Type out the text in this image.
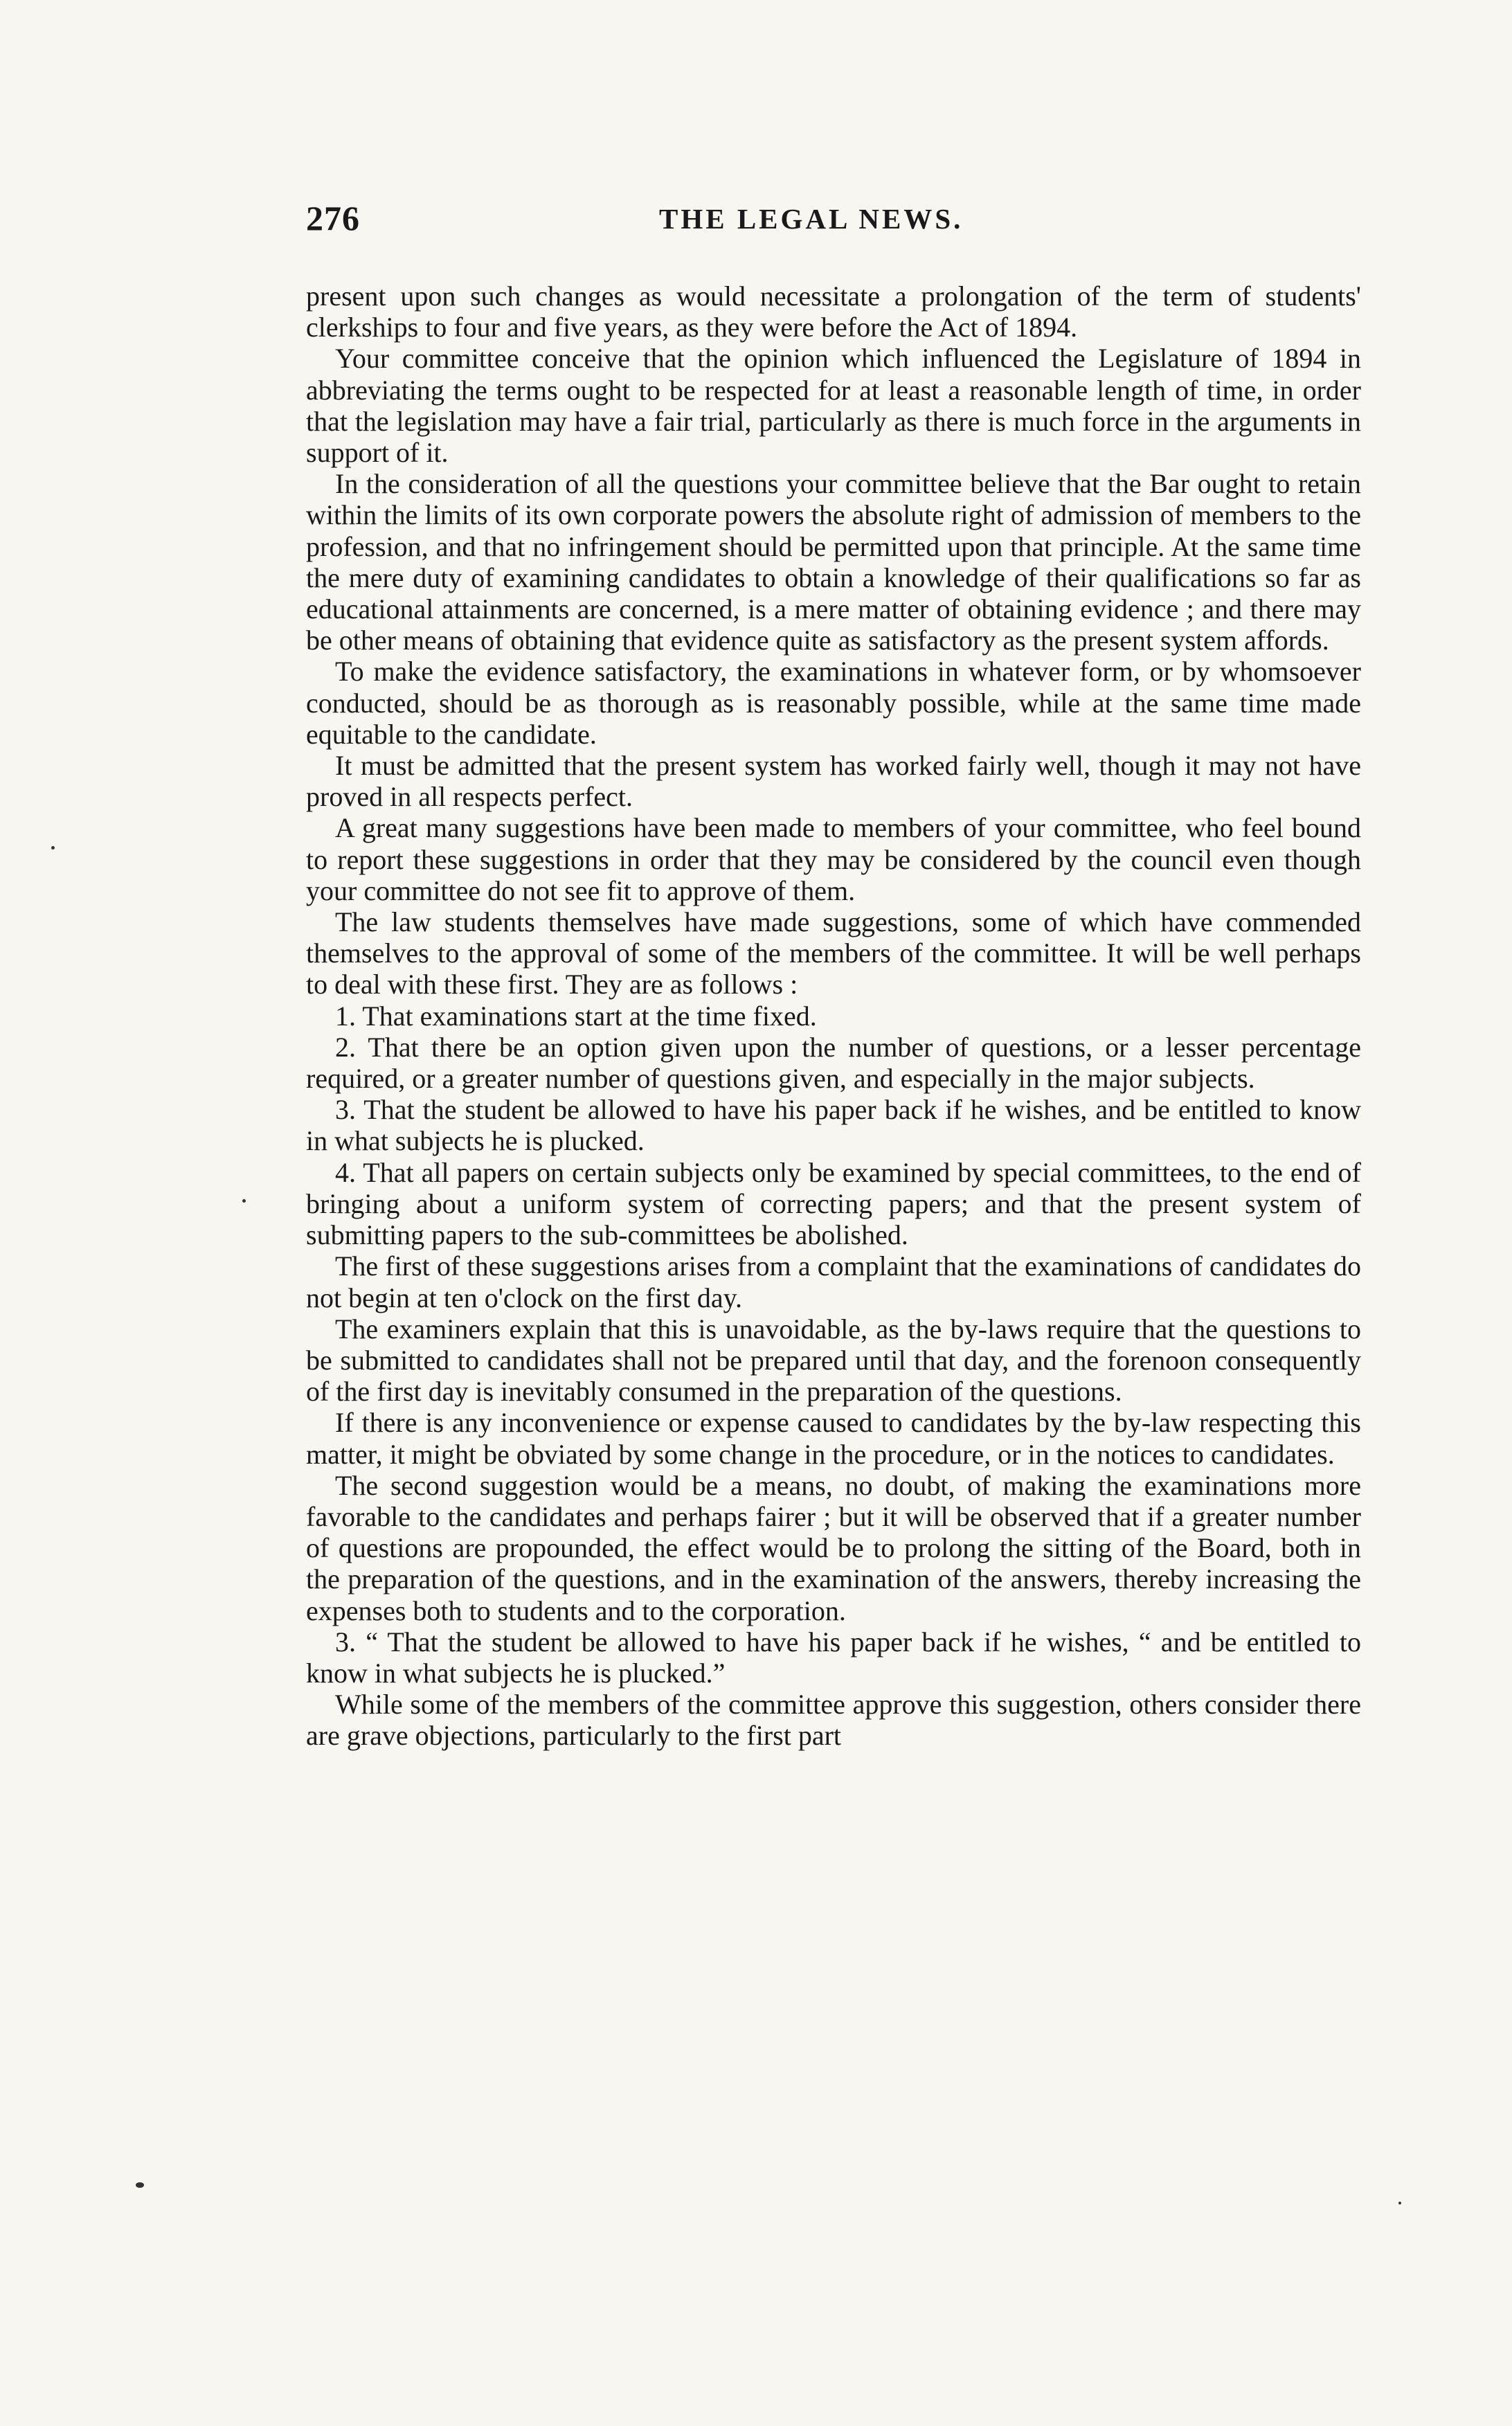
276	THE LEGAL NEWS.

present upon such changes as would necessitate a prolongation of the term of students' clerkships to four and five years, as they were before the Act of 1894.

Your committee conceive that the opinion which influenced the Legislature of 1894 in abbreviating the terms ought to be respected for at least a reasonable length of time, in order that the legislation may have a fair trial, particularly as there is much force in the arguments in support of it.

In the consideration of all the questions your committee believe that the Bar ought to retain within the limits of its own corporate powers the absolute right of admission of members to the profession, and that no infringement should be permitted upon that principle. At the same time the mere duty of examining candidates to obtain a knowledge of their qualifications so far as educational attainments are concerned, is a mere matter of obtaining evidence ; and there may be other means of obtaining that evidence quite as satisfactory as the present system affords.

To make the evidence satisfactory, the examinations in whatever form, or by whomsoever conducted, should be as thorough as is reasonably possible, while at the same time made equitable to the candidate.

It must be admitted that the present system has worked fairly well, though it may not have proved in all respects perfect.

A great many suggestions have been made to members of your committee, who feel bound to report these suggestions in order that they may be considered by the council even though your committee do not see fit to approve of them.

The law students themselves have made suggestions, some of which have commended themselves to the approval of some of the members of the committee. It will be well perhaps to deal with these first. They are as follows :

1. That examinations start at the time fixed.

2. That there be an option given upon the number of questions, or a lesser percentage required, or a greater number of questions given, and especially in the major subjects.

3. That the student be allowed to have his paper back if he wishes, and be entitled to know in what subjects he is plucked.

4. That all papers on certain subjects only be examined by special committees, to the end of bringing about a uniform system of correcting papers; and that the present system of submitting papers to the sub-committees be abolished.

The first of these suggestions arises from a complaint that the examinations of candidates do not begin at ten o'clock on the first day.

The examiners explain that this is unavoidable, as the by-laws require that the questions to be submitted to candidates shall not be prepared until that day, and the forenoon consequently of the first day is inevitably consumed in the preparation of the questions.

If there is any inconvenience or expense caused to candidates by the by-law respecting this matter, it might be obviated by some change in the procedure, or in the notices to candidates.

The second suggestion would be a means, no doubt, of making the examinations more favorable to the candidates and perhaps fairer ; but it will be observed that if a greater number of questions are propounded, the effect would be to prolong the sitting of the Board, both in the preparation of the questions, and in the examination of the answers, thereby increasing the expenses both to students and to the corporation.

3. “ That the student be allowed to have his paper back if he wishes, “ and be entitled to know in what subjects he is plucked.”

While some of the members of the committee approve this suggestion, others consider there are grave objections, particularly to the first part
